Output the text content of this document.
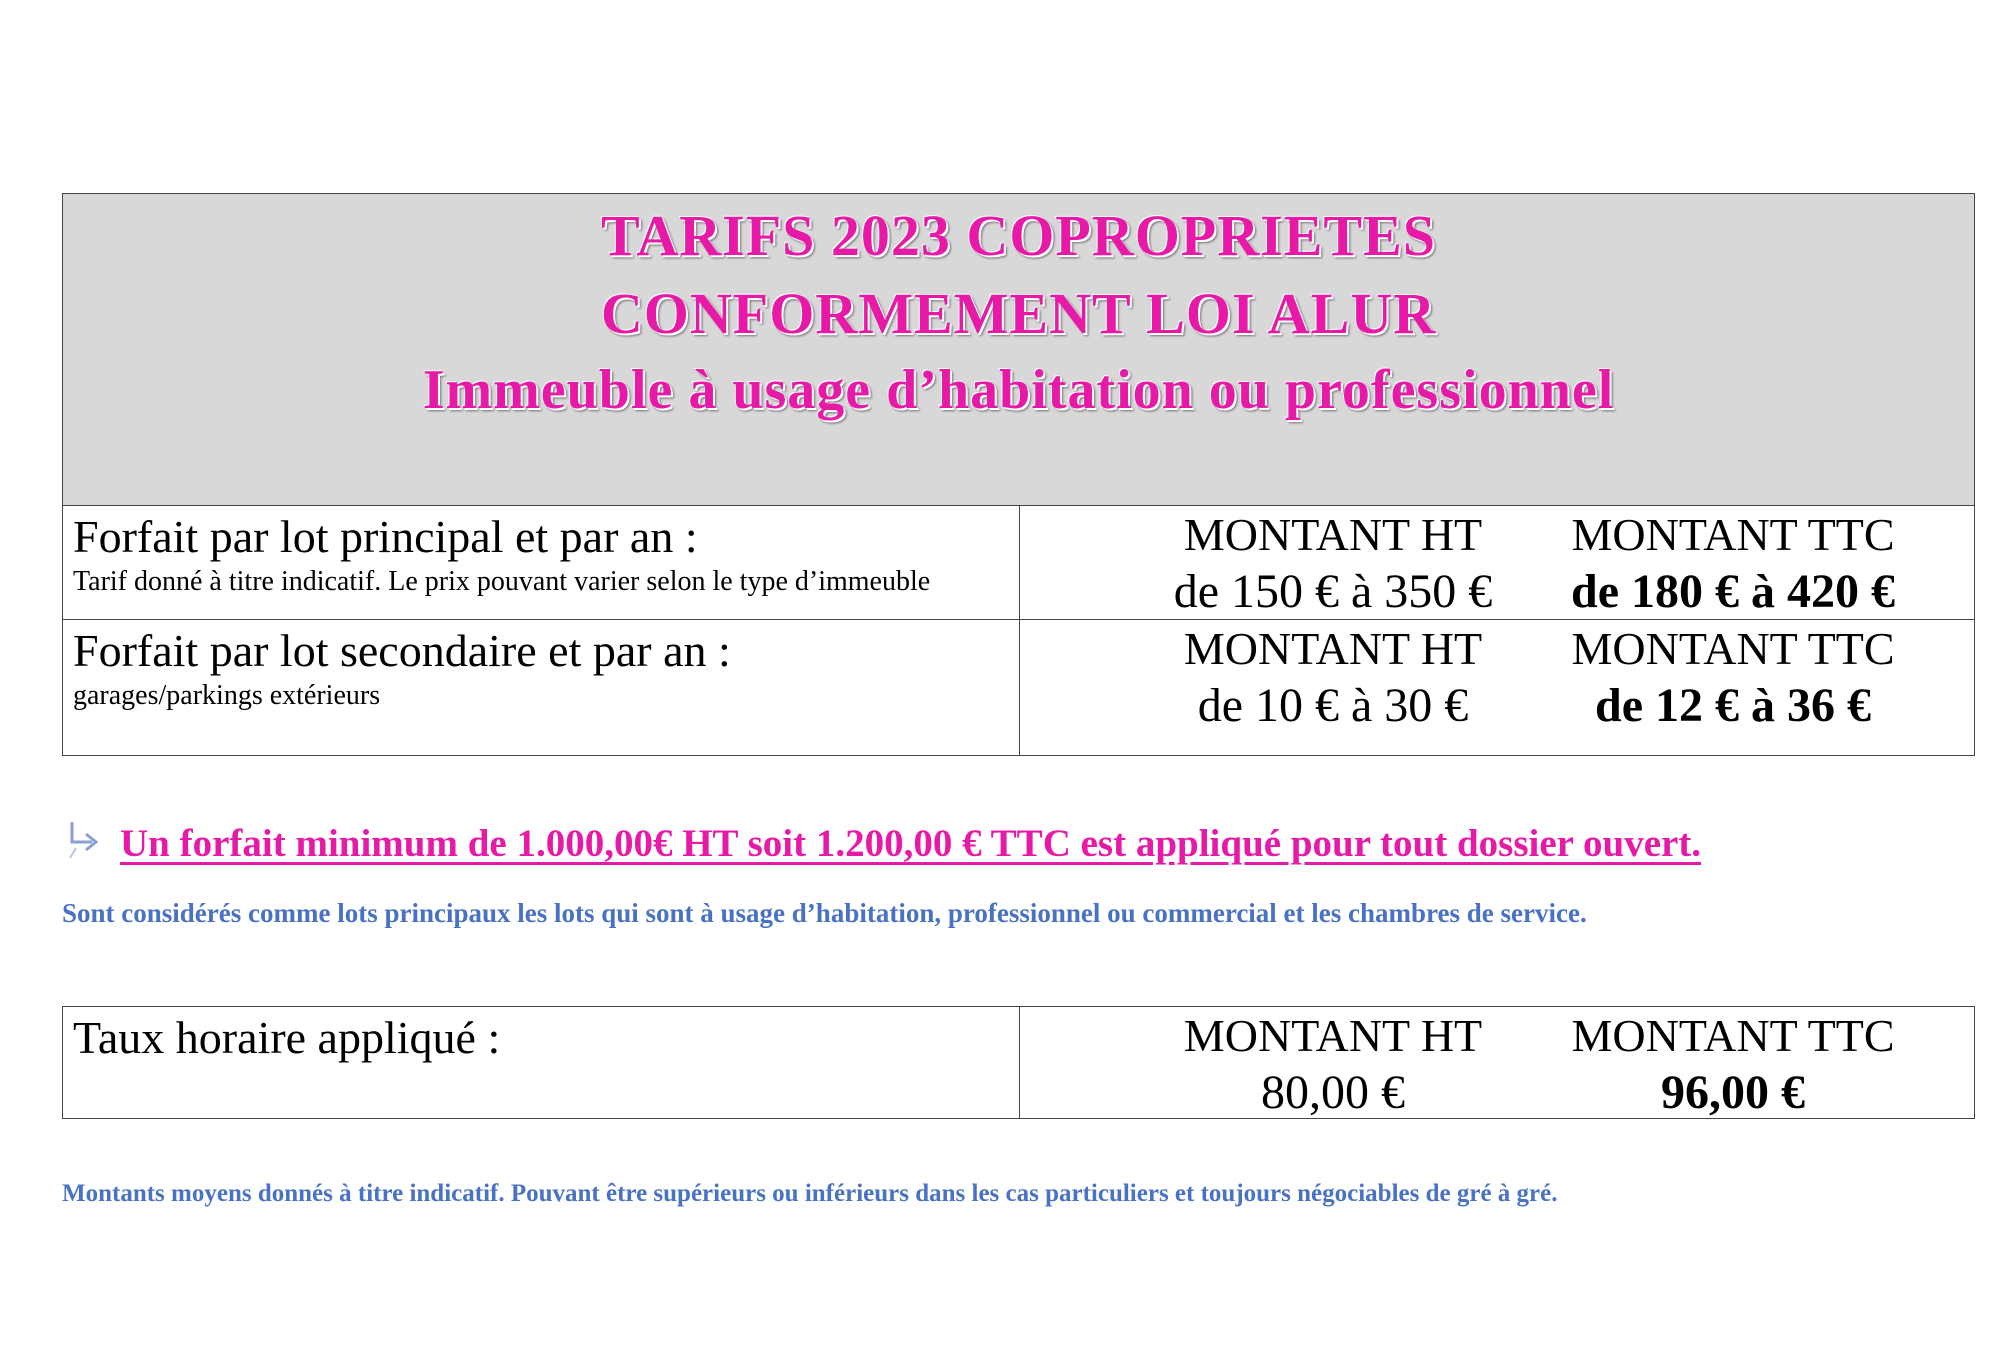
TARIFS 2023 COPROPRIETES
CONFORMEMENT LOI ALUR
Immeuble à usage d’habitation ou professionnel
Forfait par lot principal et par an :
Tarif donné à titre indicatif. Le prix pouvant varier selon le type d’immeuble
MONTANT HT
de 150 € à 350 €
MONTANT TTC
de 180 € à 420 €
Forfait par lot secondaire et par an :
garages/parkings extérieurs
MONTANT HT
de 10 € à 30 €
MONTANT TTC
de 12 € à 36 €
Un forfait minimum de 1.000,00€ HT soit 1.200,00 € TTC est appliqué pour tout dossier ouvert.
Sont considérés comme lots principaux les lots qui sont à usage d’habitation, professionnel ou commercial et les chambres de service.
Taux horaire appliqué :	MONTANT HT
80,00 €
MONTANT TTC
96,00 €
Montants moyens donnés à titre indicatif. Pouvant être supérieurs ou inférieurs dans les cas particuliers et toujours négociables de gré à gré.
